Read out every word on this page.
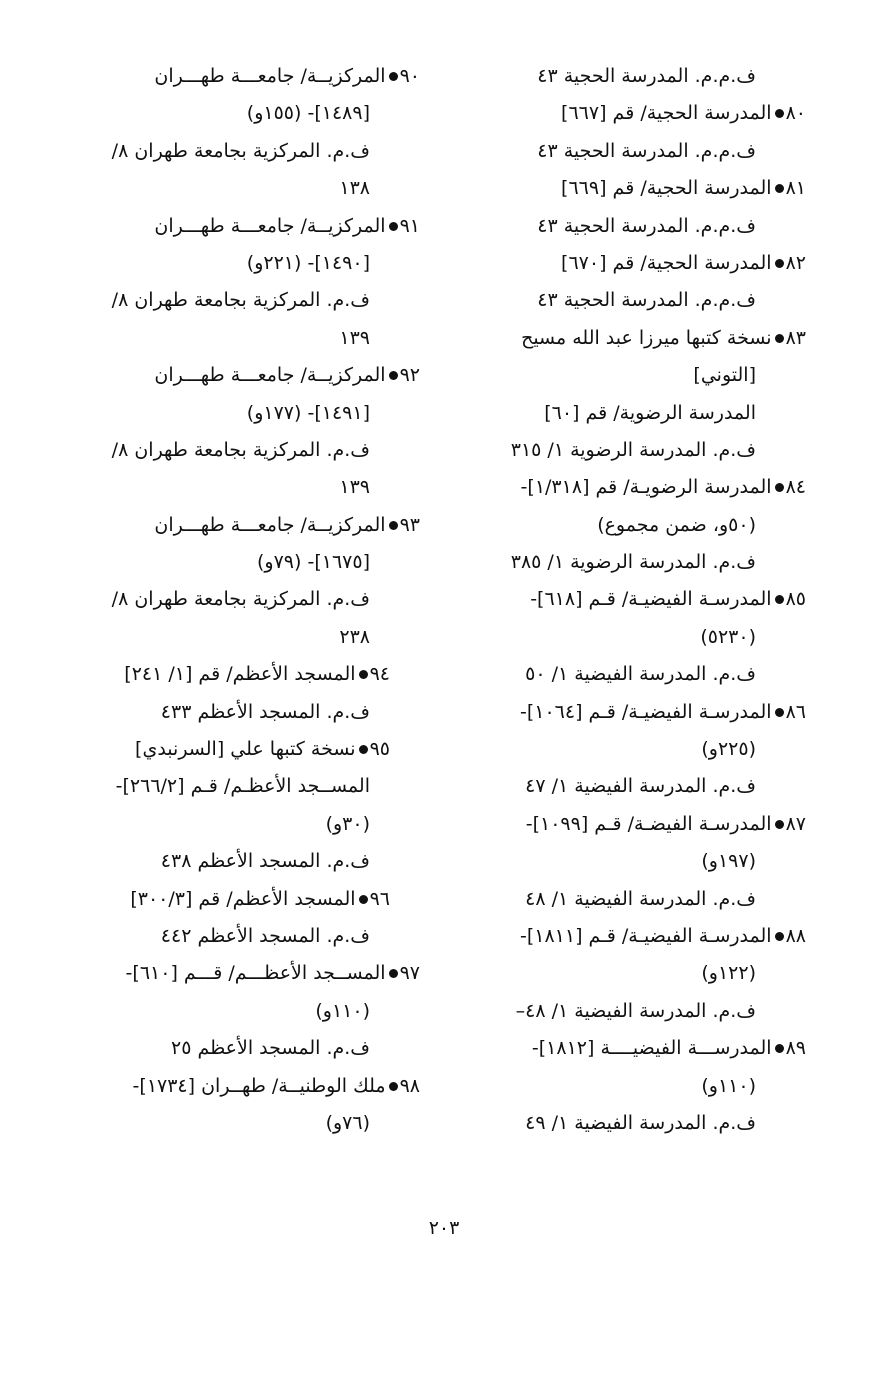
ف.م.م. المدرسة الحجية ٤٣
٨٠المدرسة الحجية/ قم [٦٦٧]
ف.م.م. المدرسة الحجية ٤٣
٨١المدرسة الحجية/ قم [٦٦٩]
ف.م.م. المدرسة الحجية ٤٣
٨٢المدرسة الحجية/ قم [٦٧٠]
ف.م.م. المدرسة الحجية ٤٣
٨٣نسخة كتبها ميرزا عبد الله مسيح
[التوني]
المدرسة الرضوية/ قم [٦٠]
ف.م. المدرسة الرضوية ١/ ٣١٥
٨٤المدرسة الرضويـة/ قم [١/٣١٨]-
(٥٠و، ضمن مجموع)
ف.م. المدرسة الرضوية ١/ ٣٨٥
٨٥المدرسـة الفيضيـة/ قـم [٦١٨]-
(٥٢٣٠)
ف.م. المدرسة الفيضية ١/ ٥٠
٨٦المدرسـة الفيضيـة/ قـم [١٠٦٤]-
(٢٢٥و)
ف.م. المدرسة الفيضية ١/ ٤٧
٨٧المدرسـة الفيضـة/ قـم [١٠٩٩]-
(١٩٧و)
ف.م. المدرسة الفيضية ١/ ٤٨
٨٨المدرسـة الفيضيـة/ قـم [١٨١١]-
(١٢٢و)
ف.م. المدرسة الفيضية ١/ ٤٨–
٨٩المدرســـة الفيضيــــة [١٨١٢]-
(١١٠و)
ف.م. المدرسة الفيضية ١/ ٤٩
٩٠المركزيــة/ جامعـــة طهـــران
[١٤٨٩]- (١٥٥و)
ف.م. المركزية بجامعة طهران ٨/
١٣٨
٩١المركزيــة/ جامعـــة طهـــران
[١٤٩٠]- (٢٢١و)
ف.م. المركزية بجامعة طهران ٨/
١٣٩
٩٢المركزيــة/ جامعـــة طهـــران
[١٤٩١]- (١٧٧و)
ف.م. المركزية بجامعة طهران ٨/
١٣٩
٩٣المركزيــة/ جامعـــة طهـــران
[١٦٧٥]- (٧٩و)
ف.م. المركزية بجامعة طهران ٨/
٢٣٨
٩٤المسجد الأعظم/ قم [١/ ٢٤١]
ف.م. المسجد الأعظم ٤٣٣
٩٥نسخة كتبها علي [السرنبدي]
المســجد الأعظـم/ قـم [٢٦٦/٢]-
(٣٠و)
ف.م. المسجد الأعظم ٤٣٨
٩٦المسجد الأعظم/ قم [٣٠٠/٣]
ف.م. المسجد الأعظم ٤٤٢
٩٧المســجد الأعظـــم/ قـــم [٦١٠]-
(١١٠و)
ف.م. المسجد الأعظم ٢٥
٩٨ملك الوطنيــة/ طهــران [١٧٣٤]-
(٧٦و)
٢٠٣
